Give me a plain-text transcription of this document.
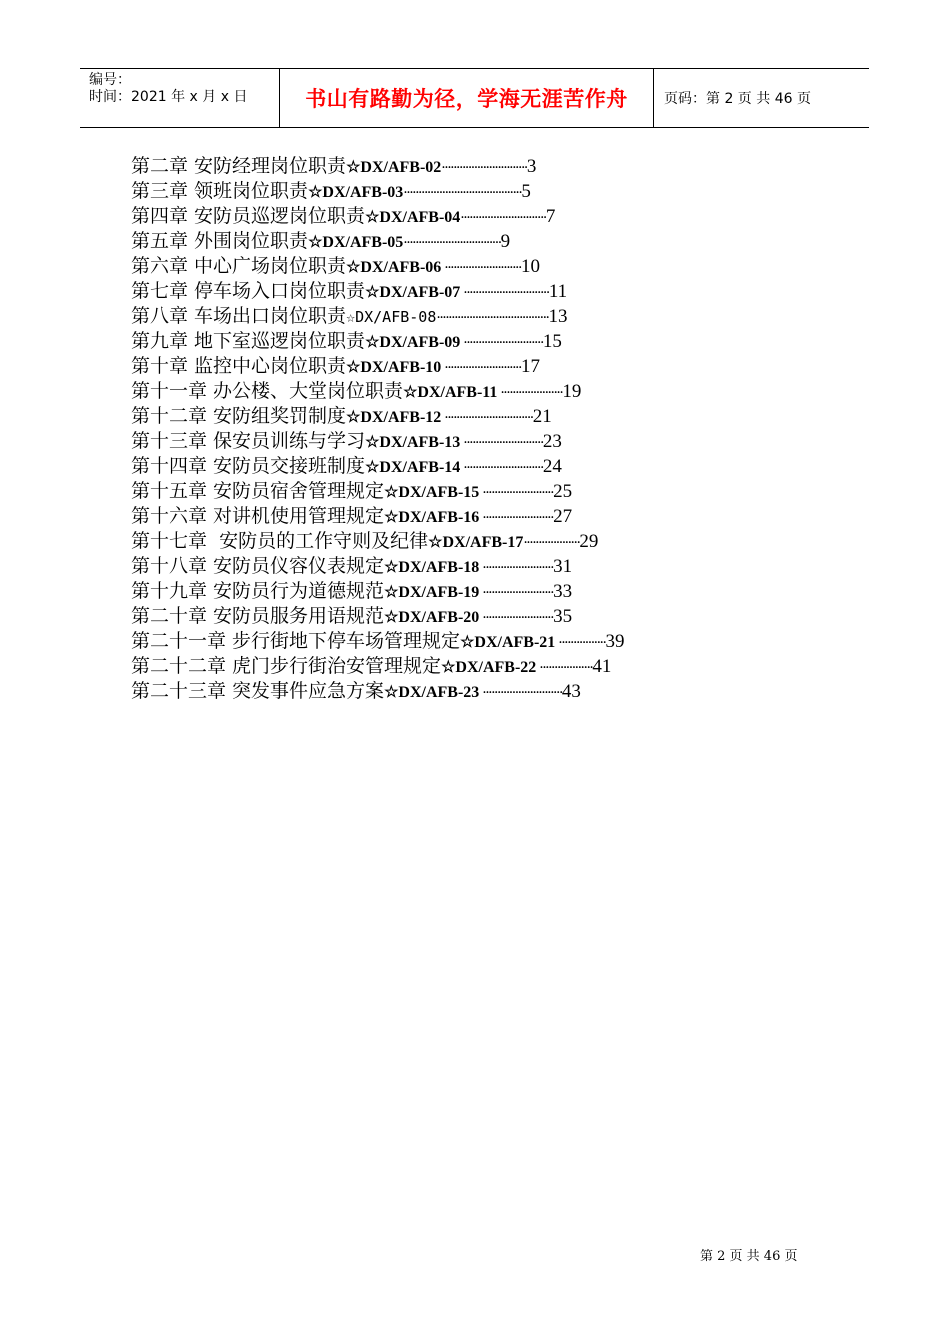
编号：
时间：2021 年 x 月 x 日	书山有路勤为径，学海无涯苦作舟	页码：第 2 页 共 46 页
第二章 安防经理岗位职责☆DX/AFB-02·····························3
第三章 领班岗位职责☆DX/AFB-03········································5
第四章 安防员巡逻岗位职责☆DX/AFB-04·····························7
第五章 外围岗位职责☆DX/AFB-05·································9
第六章 中心广场岗位职责☆DX/AFB-06 ··························10
第七章 停车场入口岗位职责☆DX/AFB-07 ·····························11
第八章 车场出口岗位职责☆DX/AFB-08······································13
第九章 地下室巡逻岗位职责☆DX/AFB-09 ···························15
第十章 监控中心岗位职责☆DX/AFB-10 ··························17
第十一章 办公楼、大堂岗位职责☆DX/AFB-11 ·····················19
第十二章 安防组奖罚制度☆DX/AFB-12 ······························21
第十三章 保安员训练与学习☆DX/AFB-13 ···························23
第十四章 安防员交接班制度☆DX/AFB-14 ···························24
第十五章 安防员宿舍管理规定☆DX/AFB-15 ························25
第十六章 对讲机使用管理规定☆DX/AFB-16 ························27
第十七章  安防员的工作守则及纪律☆DX/AFB-17···················29
第十八章 安防员仪容仪表规定☆DX/AFB-18 ························31
第十九章 安防员行为道德规范☆DX/AFB-19 ························33
第二十章 安防员服务用语规范☆DX/AFB-20 ························35
第二十一章 步行街地下停车场管理规定☆DX/AFB-21 ················39
第二十二章 虎门步行街治安管理规定☆DX/AFB-22 ··················41
第二十三章 突发事件应急方案☆DX/AFB-23 ···························43
第 2 页 共 46 页
